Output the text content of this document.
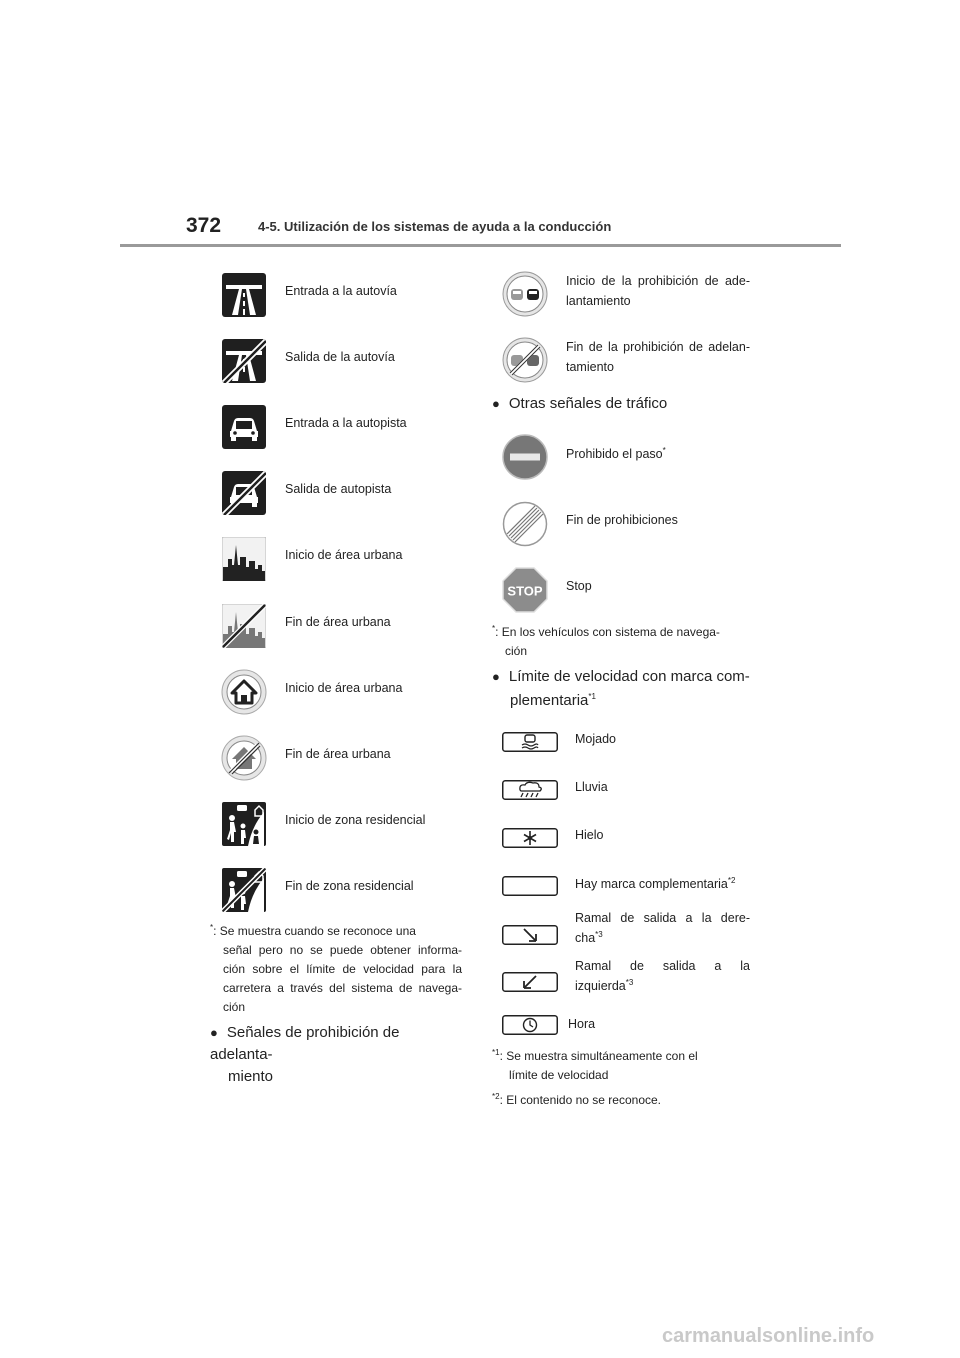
372	4-5. Utilización de los sistemas de ayuda a la conducción
Entrada a la autovía
Salida de la autovía
Entrada a la autopista
Salida de autopista
Inicio de área urbana
Fin de área urbana
Inicio de área urbana
Fin de área urbana
Inicio de zona residencial
Fin de zona residencial
*: Se muestra cuando se reconoce una
señal pero no se puede obtener informa-
ción sobre el límite de velocidad para la
carretera a través del sistema de navega-
ción
● Señales de prohibición de adelanta-
miento
Inicio de la prohibición de ade-
lantamiento
Fin de la prohibición de adelan-
tamiento
● Otras señales de tráfico
Prohibido el paso*
Fin de prohibiciones
STOP Stop
*: En los vehículos con sistema de navega-
ción
● Límite de velocidad con marca com-
plementaria$^{*1}$
Mojado
Lluvia
Hielo
Hay marca complementaria$^{*2}$
Ramal de salida a la dere-
cha$^{*3}$
Ramal de salida a la
izquierda$^{*3}$
Hora
$^{*1}$: Se muestra simultáneamente con el
límite de velocidad
$^{*2}$: El contenido no se reconoce.
carmanualsonline.info
